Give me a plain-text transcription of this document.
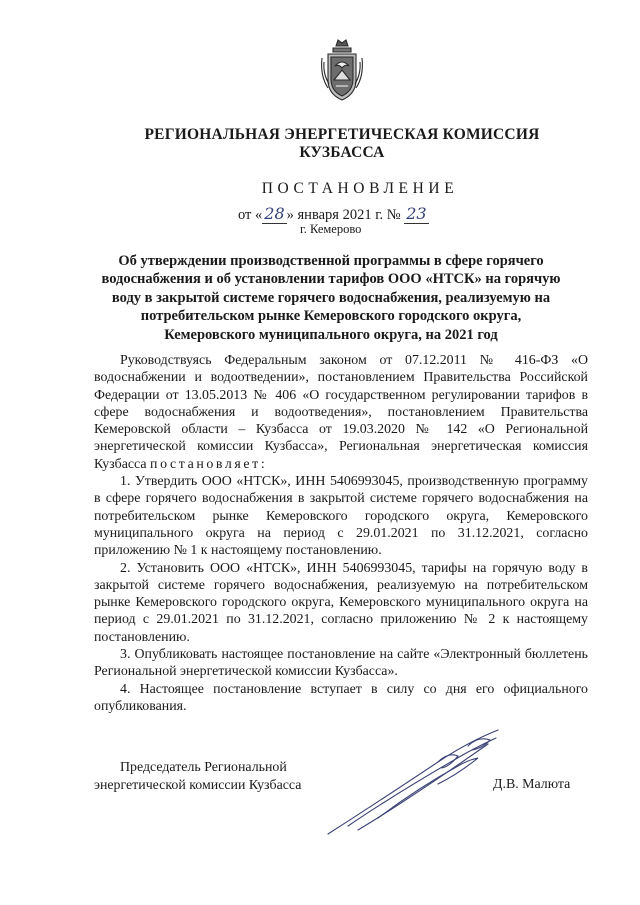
РЕГИОНАЛЬНАЯ ЭНЕРГЕТИЧЕСКАЯ КОМИССИЯ
КУЗБАССА
ПОСТАНОВЛЕНИЕ
от « 28 » января 2021 г. № 23
г. Кемерово
Об утверждении производственной программы в сфере горячего
водоснабжения и об установлении тарифов ООО «НТСК» на горячую
воду в закрытой системе горячего водоснабжения, реализуемую на
потребительском рынке Кемеровского городского округа,
Кемеровского муниципального округа, на 2021 год

Руководствуясь Федеральным законом от 07.12.2011 № 416-ФЗ «О водоснабжении и водоотведении», постановлением Правительства Российской Федерации от 13.05.2013 № 406 «О государственном регулировании тарифов в сфере водоснабжения и водоотведения», постановлением Правительства Кемеровской области – Кузбасса от 19.03.2020 № 142 «О Региональной энергетической комиссии Кузбасса», Региональная энергетическая комиссия Кузбасса постановляет:

1. Утвердить ООО «НТСК», ИНН 5406993045, производственную программу в сфере горячего водоснабжения в закрытой системе горячего водоснабжения на потребительском рынке Кемеровского городского округа, Кемеровского муниципального округа на период с 29.01.2021 по 31.12.2021, согласно приложению № 1 к настоящему постановлению.

2. Установить ООО «НТСК», ИНН 5406993045, тарифы на горячую воду в закрытой системе горячего водоснабжения, реализуемую на потребительском рынке Кемеровского городского округа, Кемеровского муниципального округа на период с 29.01.2021 по 31.12.2021, согласно приложению № 2 к настоящему постановлению.

3. Опубликовать настоящее постановление на сайте «Электронный бюллетень Региональной энергетической комиссии Кузбасса».

4. Настоящее постановление вступает в силу со дня его официального опубликования.

Председатель Региональной
энергетической комиссии Кузбасса	Д.В. Малюта
